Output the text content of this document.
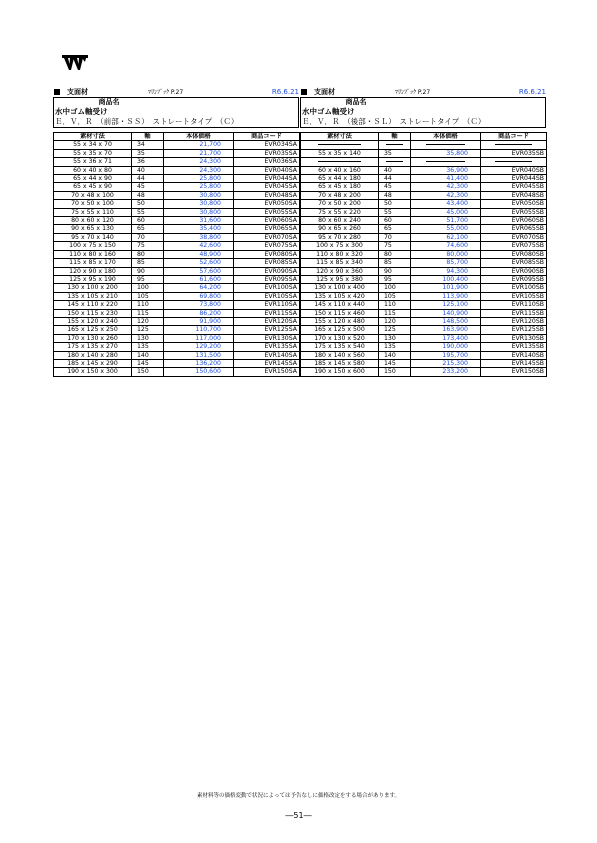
支面材	ﾏﾘﾝﾌﾞｯｸ P.27	R6.6.21
商品名
水中ゴム軸受け
Ｅ．Ｖ．Ｒ　（前部・ＳＳ）　ストレートタイプ　（Ｃ）
素材寸法	軸	本体価格	商品コード
55 x 34 x 70	34	21,700	EVR034SA
55 x 35 x 70	35	21,700	EVR035SA
55 x 36 x 71	36	24,300	EVR036SA
60 x 40 x 80	40	24,300	EVR040SA
65 x 44 x 90	44	25,800	EVR044SA
65 x 45 x 90	45	25,800	EVR045SA
70 x 48 x 100	48	30,800	EVR048SA
70 x 50 x 100	50	30,800	EVR050SA
75 x 55 x 110	55	30,800	EVR055SA
80 x 60 x 120	60	31,600	EVR060SA
90 x 65 x 130	65	35,400	EVR065SA
95 x 70 x 140	70	38,800	EVR070SA
100 x 75 x 150	75	42,600	EVR075SA
110 x 80 x 160	80	48,900	EVR080SA
115 x 85 x 170	85	52,600	EVR085SA
120 x 90 x 180	90	57,600	EVR090SA
125 x 95 x 190	95	61,600	EVR095SA
130 x 100 x 200	100	64,200	EVR100SA
135 x 105 x 210	105	69,800	EVR105SA
145 x 110 x 220	110	73,800	EVR110SA
150 x 115 x 230	115	86,200	EVR115SA
155 x 120 x 240	120	91,900	EVR120SA
165 x 125 x 250	125	110,700	EVR125SA
170 x 130 x 260	130	117,000	EVR130SA
175 x 135 x 270	135	129,200	EVR135SA
180 x 140 x 280	140	131,500	EVR140SA
185 x 145 x 290	145	136,200	EVR145SA
190 x 150 x 300	150	150,600	EVR150SA
支面材	ﾏﾘﾝﾌﾞｯｸ P.27	R6.6.21
商品名
水中ゴム軸受け
Ｅ．Ｖ．Ｒ　（後部・ＳＬ）　ストレートタイプ　（Ｃ）
素材寸法	軸	本体価格	商品コード

55 x 35 x 140	35	35,800	EVR035SB

60 x 40 x 160	40	36,900	EVR040SB
65 x 44 x 180	44	41,400	EVR044SB
65 x 45 x 180	45	42,300	EVR045SB
70 x 48 x 200	48	42,300	EVR048SB
70 x 50 x 200	50	43,400	EVR050SB
75 x 55 x 220	55	45,000	EVR055SB
80 x 60 x 240	60	51,700	EVR060SB
90 x 65 x 260	65	55,000	EVR065SB
95 x 70 x 280	70	62,100	EVR070SB
100 x 75 x 300	75	74,600	EVR075SB
110 x 80 x 320	80	80,000	EVR080SB
115 x 85 x 340	85	85,700	EVR085SB
120 x 90 x 360	90	94,300	EVR090SB
125 x 95 x 380	95	100,400	EVR095SB
130 x 100 x 400	100	101,900	EVR100SB
135 x 105 x 420	105	113,900	EVR105SB
145 x 110 x 440	110	125,100	EVR110SB
150 x 115 x 460	115	140,900	EVR115SB
155 x 120 x 480	120	148,500	EVR120SB
165 x 125 x 500	125	163,900	EVR125SB
170 x 130 x 520	130	173,400	EVR130SB
175 x 135 x 540	135	190,000	EVR135SB
180 x 140 x 560	140	195,700	EVR140SB
185 x 145 x 580	145	215,300	EVR145SB
190 x 150 x 600	150	233,200	EVR150SB
素材料等の価格変動で状況によっては予告なしに価格改定をする場合があります。
―51―
